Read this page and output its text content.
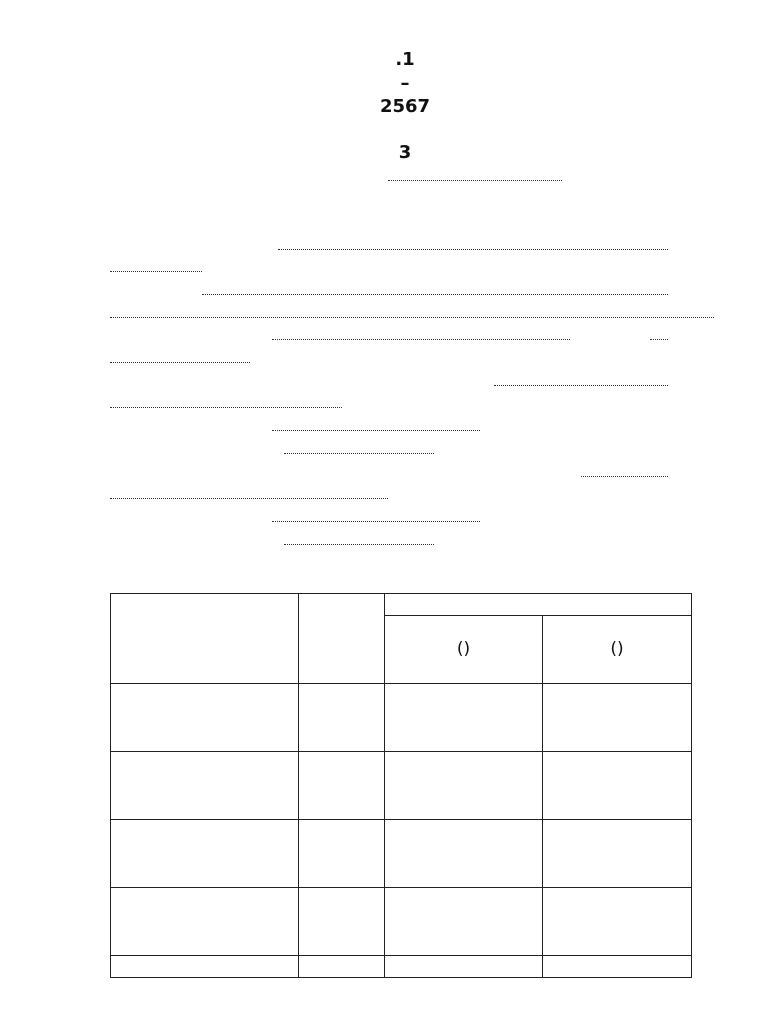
.1
–
2567
3

		()	()
